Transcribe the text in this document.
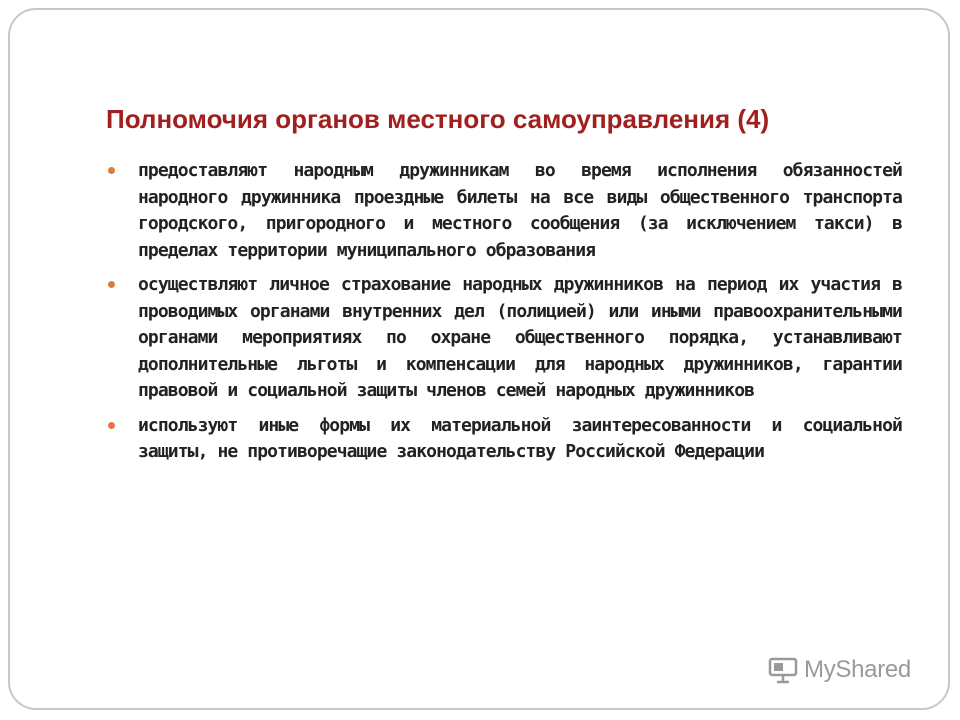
Полномочия органов местного самоуправления (4)
предоставляют народным дружинникам во время исполнения обязанностей народного дружинника проездные билеты на все виды общественного транспорта городского, пригородного и местного сообщения (за исключением такси) в пределах территории муниципального образования
осуществляют личное страхование народных дружинников на период их участия в проводимых органами внутренних дел (полицией) или иными правоохранительными органами мероприятиях по охране общественного порядка, устанавливают дополнительные льготы и компенсации для народных дружинников, гарантии правовой и социальной защиты членов семей народных дружинников
используют иные формы их материальной заинтересованности и социальной защиты, не противоречащие законодательству Российской Федерации
MyShared
